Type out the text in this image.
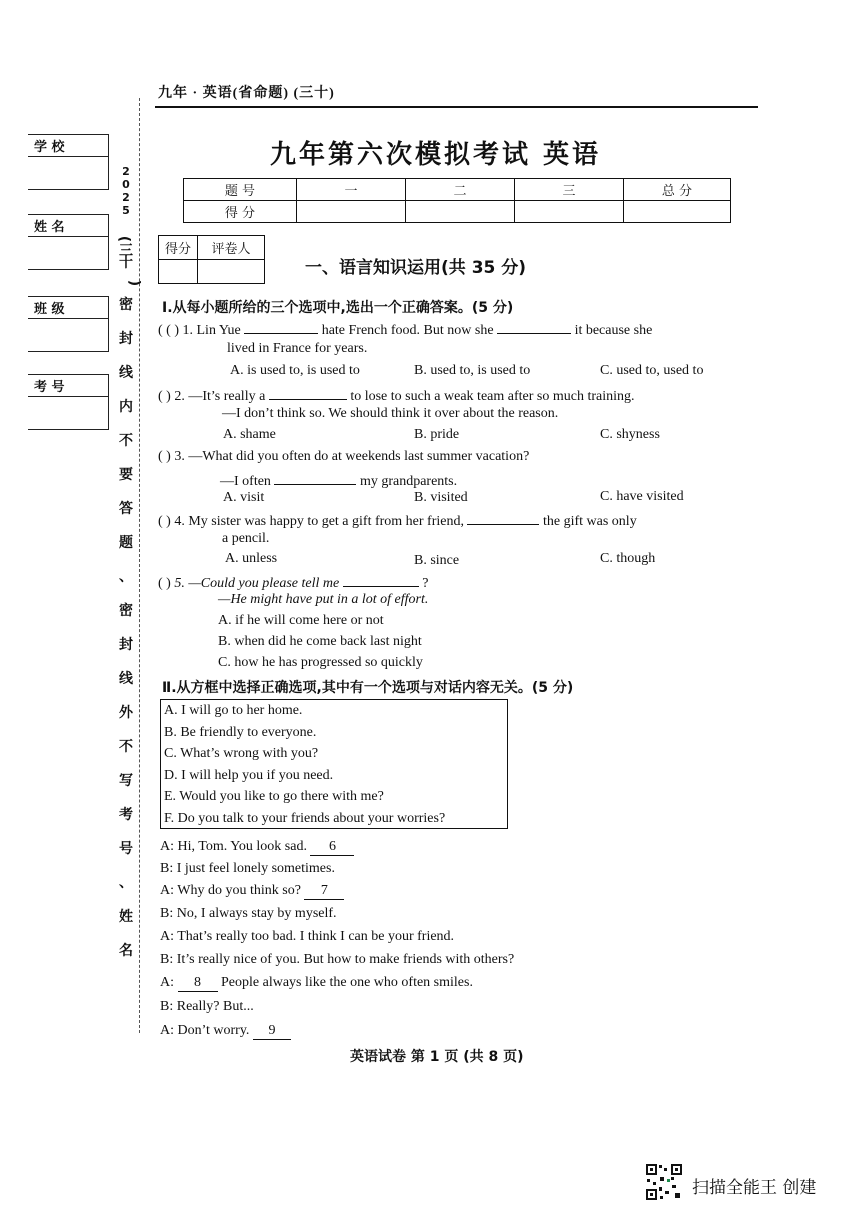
九年 · 英语(省命题) (三十)
学 校
姓 名
班 级
考 号
2
0
2
5
(
三
十
)
密
封
线
内
不
要
答
题
、
密
封
线
外
不
写
考
号
、
姓
名
九年第六次模拟考试 英语
题 号	一	二	三	总 分
得 分				
得分	评卷人

一、语言知识运用(共 35 分)
Ⅰ.从每小题所给的三个选项中,选出一个正确答案。(5 分)
( ( ) 1. Lin Yue	hate French food. But now she	it because she
lived in France for years.
A. is used to, is used to	B. used to, is used to	C. used to, used to
( ) 2. —It’s really a	to lose to such a weak team after so much training.
—I don’t think so. We should think it over about the reason.
A. shame	B. pride	C. shyness
( ) 3. —What did you often do at weekends last summer vacation?
—I often	my grandparents.
A. visit	B. visited	C. have visited
( ) 4. My sister was happy to get a gift from her friend,	the gift was only
a pencil.
A. unless	B. since	C. though
( ) 5. —Could you please tell me	?
—He might have put in a lot of effort.
A. if he will come here or not
B. when did he come back last night
C. how he has progressed so quickly
Ⅱ.从方框中选择正确选项,其中有一个选项与对话内容无关。(5 分)
A. I will go to her home.
B. Be friendly to everyone.
C. What’s wrong with you?
D. I will help you if you need.
E. Would you like to go there with me?
F. Do you talk to your friends about your worries?
A: Hi, Tom. You look sad. 6
B: I just feel lonely sometimes.
A: Why do you think so? 7
B: No, I always stay by myself.
A: That’s really too bad. I think I can be your friend.
B: It’s really nice of you. But how to make friends with others?
A: 8 People always like the one who often smiles.
B: Really? But...
A: Don’t worry. 9
英语试卷 第 1 页 (共 8 页)
扫描全能王 创建
